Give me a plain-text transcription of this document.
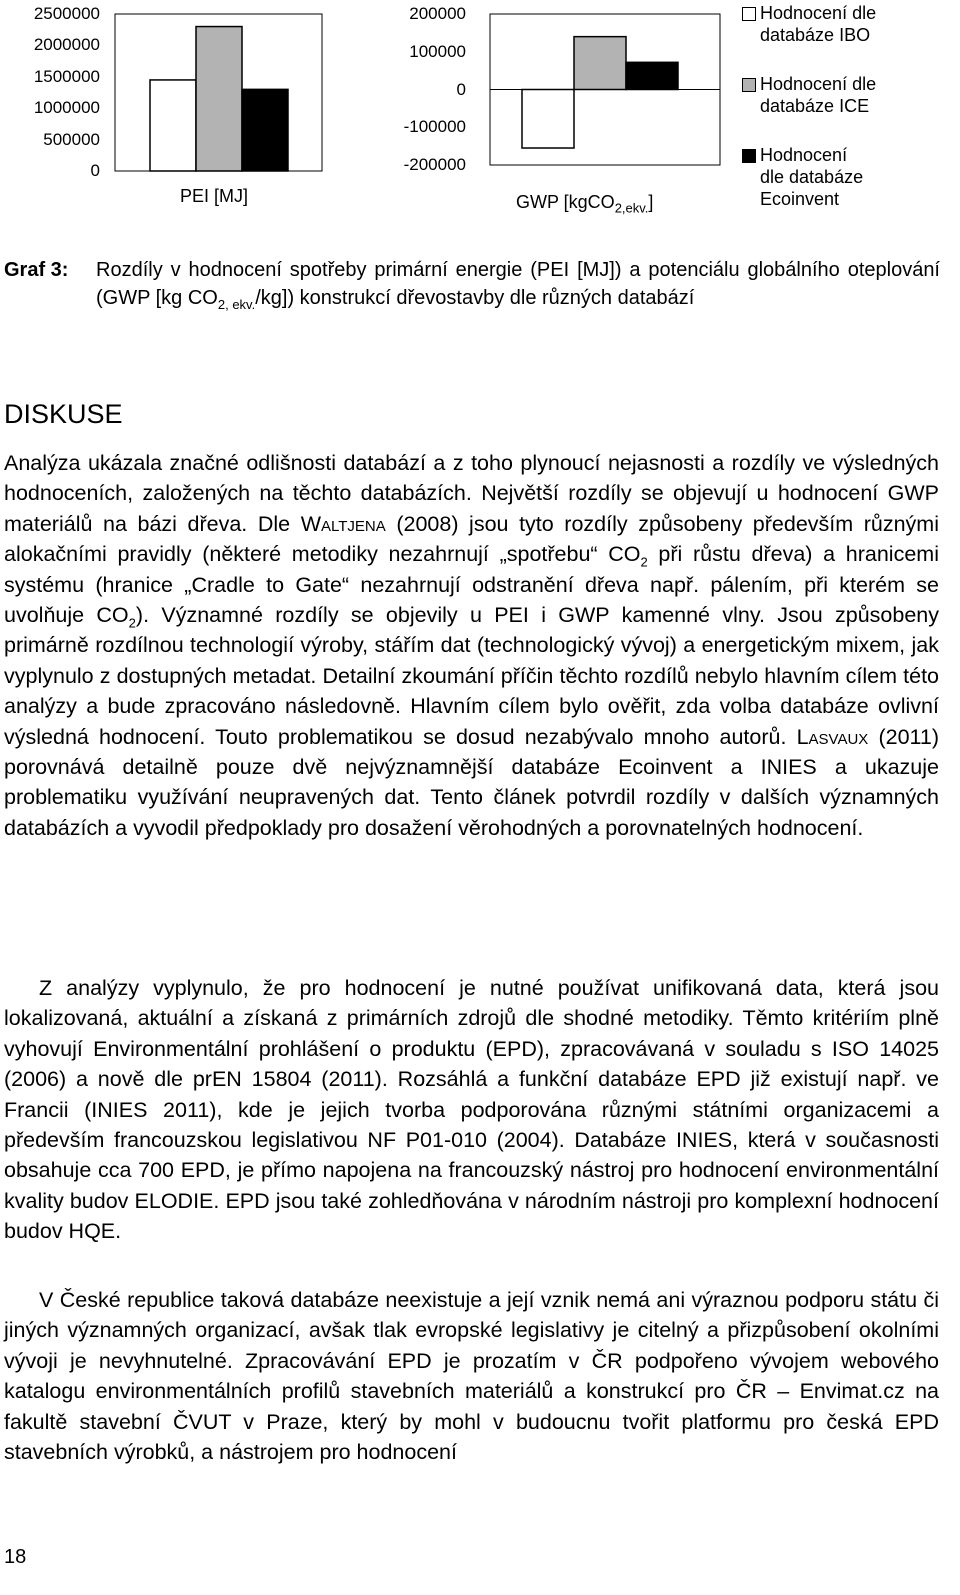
2500000
2000000
1500000
1000000
500000
0
PEI [MJ]
200000
100000
0
-100000
-200000
GWP [kgCO$_{2,ekv.}$]
Hodnocení dle databáze IBO
Hodnocení dle databáze ICE
Hodnocení dle databáze Ecoinvent
Graf 3: Rozdíly v hodnocení spotřeby primární energie (PEI [MJ]) a potenciálu globálního oteplování (GWP [kg $CO_{2, ekv.}/kg$]) konstrukcí dřevostavby dle různých databází
DISKUSE

Analýza ukázala značné odlišnosti databází a z toho plynoucí nejasnosti a rozdíly ve výsledných hodnoceních, založených na těchto databázích. Největší rozdíly se objevují u hodnocení GWP materiálů na bázi dřeva. Dle Waltjena (2008) jsou tyto rozdíly způsobeny především různými alokačními pravidly (některé metodiky nezahrnují „spotřebu“ $CO_2$ při růstu dřeva) a hranicemi systému (hranice „Cradle to Gate“ nezahrnují odstranění dřeva např. pálením, při kterém se uvolňuje $CO_2$). Významné rozdíly se objevily u PEI i GWP kamenné vlny. Jsou způsobeny primárně rozdílnou technologií výroby, stářím dat (technologický vývoj) a energetickým mixem, jak vyplynulo z dostupných metadat. Detailní zkoumání příčin těchto rozdílů nebylo hlavním cílem této analýzy a bude zpracováno následovně. Hlavním cílem bylo ověřit, zda volba databáze ovlivní výsledná hodnocení. Touto problematikou se dosud nezabývalo mnoho autorů. Lasvaux (2011) porovnává detailně pouze dvě nejvýznamnější databáze Ecoinvent a INIES a ukazuje problematiku využívání neupravených dat. Tento článek potvrdil rozdíly v dalších významných databázích a vyvodil předpoklady pro dosažení věrohodných a porovnatelných hodnocení.

Z analýzy vyplynulo, že pro hodnocení je nutné používat unifikovaná data, která jsou lokalizovaná, aktuální a získaná z primárních zdrojů dle shodné metodiky. Těmto kritériím plně vyhovují Environmentální prohlášení o produktu (EPD), zpracovávaná v souladu s ISO 14025 (2006) a nově dle prEN 15804 (2011). Rozsáhlá a funkční databáze EPD již existují např. ve Francii (INIES 2011), kde je jejich tvorba podporována různými státními organizacemi a především francouzskou legislativou NF P01-010 (2004). Databáze INIES, která v současnosti obsahuje cca 700 EPD, je přímo napojena na francouzský nástroj pro hodnocení environmentální kvality budov ELODIE. EPD jsou také zohledňována v národním nástroji pro komplexní hodnocení budov HQE.

V České republice taková databáze neexistuje a její vznik nemá ani výraznou podporu státu či jiných významných organizací, avšak tlak evropské legislativy je citelný a přizpůsobení okolními vývoji je nevyhnutelné. Zpracovávání EPD je prozatím v ČR podpořeno vývojem webového katalogu environmentálních profilů stavebních materiálů a konstrukcí pro ČR – Envimat.cz na fakultě stavební ČVUT v Praze, který by mohl v budoucnu tvořit platformu pro česká EPD stavebních výrobků, a nástrojem pro hodnocení

18
